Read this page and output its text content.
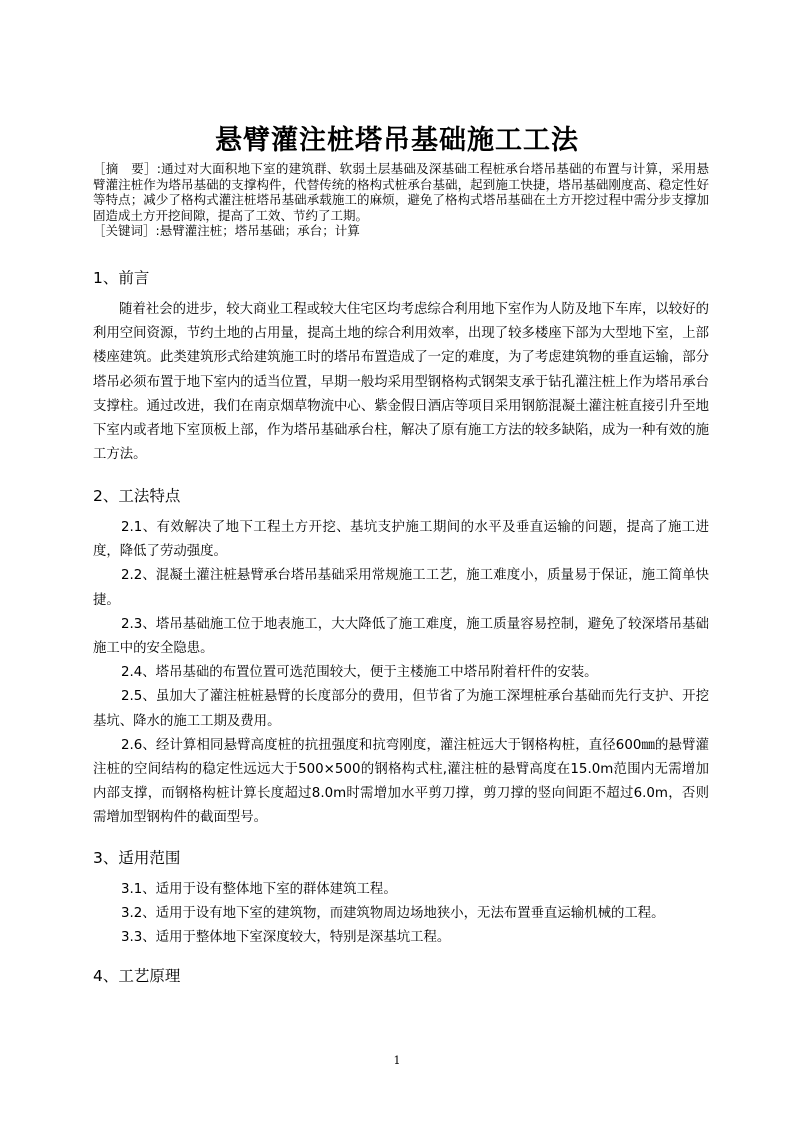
悬臂灌注桩塔吊基础施工工法

［摘　要］:通过对大面积地下室的建筑群、软弱土层基础及深基础工程桩承台塔吊基础的布置与计算，采用悬臂灌注桩作为塔吊基础的支撑构件，代替传统的格构式桩承台基础，起到施工快捷，塔吊基础刚度高、稳定性好等特点；减少了格构式灌注桩塔吊基础承载施工的麻烦，避免了格构式塔吊基础在土方开挖过程中需分步支撑加固造成土方开挖间隙，提高了工效、节约了工期。

［关键词］:悬臂灌注桩；塔吊基础；承台；计算

1、前言

随着社会的进步，较大商业工程或较大住宅区均考虑综合利用地下室作为人防及地下车库，以较好的利用空间资源，节约土地的占用量，提高土地的综合利用效率，出现了较多楼座下部为大型地下室，上部楼座建筑。此类建筑形式给建筑施工时的塔吊布置造成了一定的难度，为了考虑建筑物的垂直运输，部分塔吊必须布置于地下室内的适当位置，早期一般均采用型钢格构式钢架支承于钻孔灌注桩上作为塔吊承台支撑柱。通过改进，我们在南京烟草物流中心、紫金假日酒店等项目采用钢筋混凝土灌注桩直接引升至地下室内或者地下室顶板上部，作为塔吊基础承台柱，解决了原有施工方法的较多缺陷，成为一种有效的施工方法。

2、工法特点

2.1、有效解决了地下工程土方开挖、基坑支护施工期间的水平及垂直运输的问题，提高了施工进度，降低了劳动强度。

2.2、混凝土灌注桩悬臂承台塔吊基础采用常规施工工艺，施工难度小，质量易于保证，施工简单快捷。

2.3、塔吊基础施工位于地表施工，大大降低了施工难度，施工质量容易控制，避免了较深塔吊基础施工中的安全隐患。

2.4、塔吊基础的布置位置可选范围较大，便于主楼施工中塔吊附着杆件的安装。

2.5、虽加大了灌注桩桩悬臂的长度部分的费用，但节省了为施工深埋桩承台基础而先行支护、开挖基坑、降水的施工工期及费用。

2.6、经计算相同悬臂高度桩的抗扭强度和抗弯刚度，灌注桩远大于钢格构桩，直径600㎜的悬臂灌注桩的空间结构的稳定性远远大于500×500的钢格构式柱,灌注桩的悬臂高度在15.0m范围内无需增加内部支撑，而钢格构桩计算长度超过8.0m时需增加水平剪刀撑，剪刀撑的竖向间距不超过6.0m，否则需增加型钢构件的截面型号。

3、适用范围

3.1、适用于设有整体地下室的群体建筑工程。

3.2、适用于设有地下室的建筑物，而建筑物周边场地狭小，无法布置垂直运输机械的工程。

3.3、适用于整体地下室深度较大，特别是深基坑工程。

4、工艺原理
1
